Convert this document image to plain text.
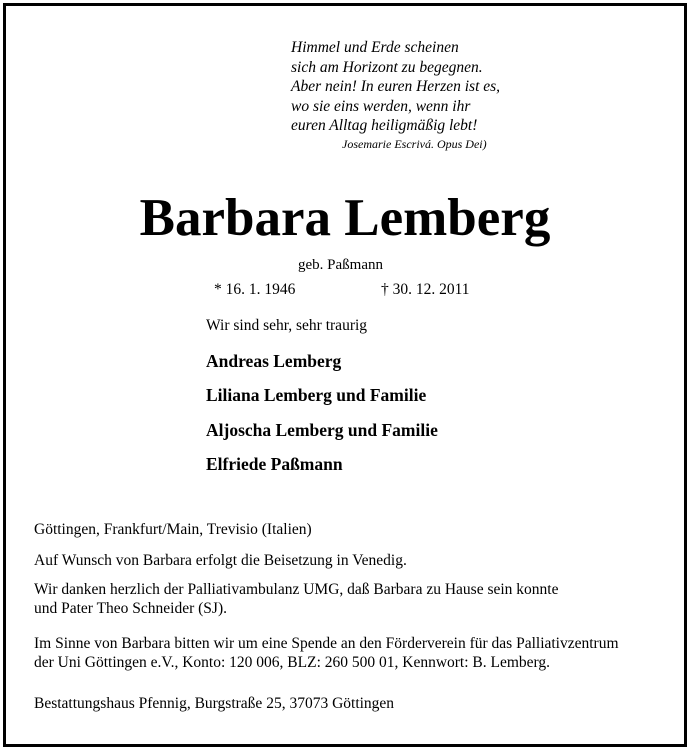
Himmel und Erde scheinen
sich am Horizont zu begegnen.
Aber nein! In euren Herzen ist es,
wo sie eins werden, wenn ihr
euren Alltag heiligmäßig lebt!
Josemarie Escrivá. Opus Dei)
Barbara Lemberg
geb. Paßmann
* 16. 1. 1946	† 30. 12. 2011
Wir sind sehr, sehr traurig
Andreas Lemberg
Liliana Lemberg und Familie
Aljoscha Lemberg und Familie
Elfriede Paßmann
Göttingen, Frankfurt/Main, Trevisio (Italien)
Auf Wunsch von Barbara erfolgt die Beisetzung in Venedig.
Wir danken herzlich der Palliativambulanz UMG, daß Barbara zu Hause sein konnte
und Pater Theo Schneider (SJ).
Im Sinne von Barbara bitten wir um eine Spende an den Förderverein für das Palliativzentrum
der Uni Göttingen e.V., Konto: 120 006, BLZ: 260 500 01, Kennwort: B. Lemberg.
Bestattungshaus Pfennig, Burgstraße 25, 37073 Göttingen
